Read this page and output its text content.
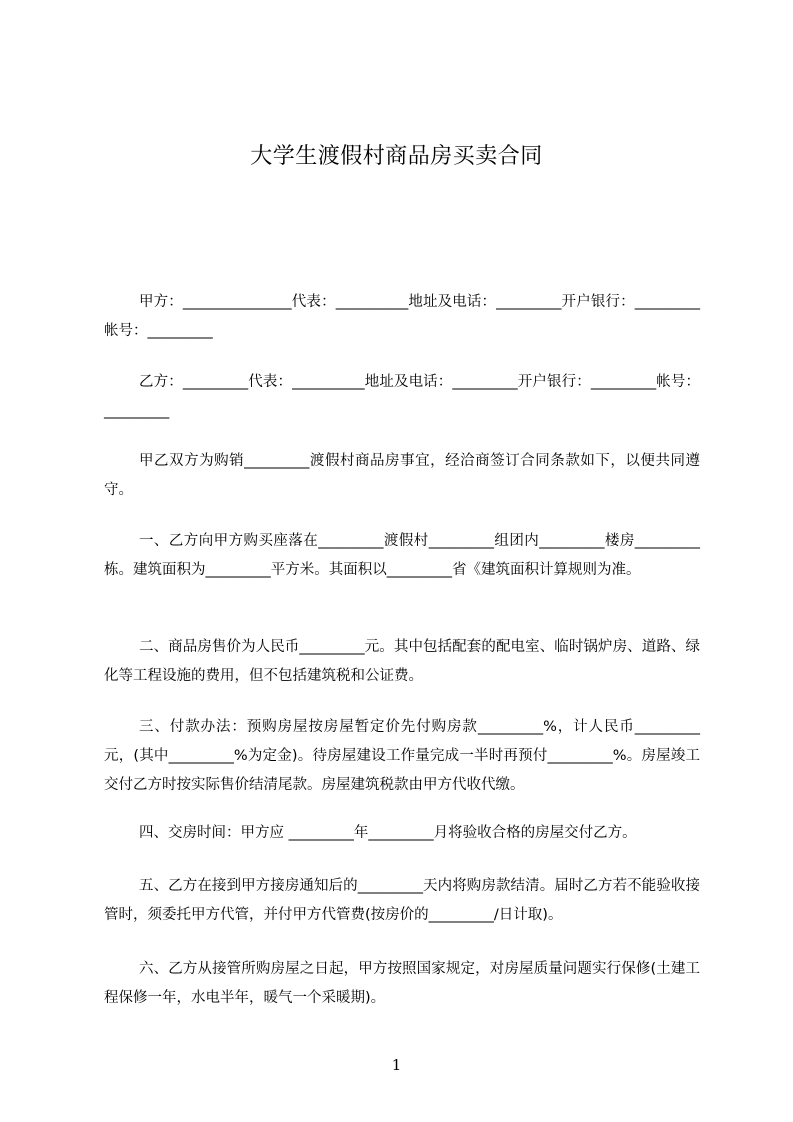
大学生渡假村商品房买卖合同

甲方：_______________代表：__________地址及电话：_________开户银行：_________帐号：_________

乙方：_________代表：__________地址及电话：_________开户银行：_________帐号：_________

甲乙双方为购销_________渡假村商品房事宜，经洽商签订合同条款如下，以便共同遵守。

一、乙方向甲方购买座落在_________渡假村_________组团内_________楼房_________栋。建筑面积为_________平方米。其面积以_________省《建筑面积计算规则为准。

二、商品房售价为人民币_________元。其中包括配套的配电室、临时锅炉房、道路、绿化等工程设施的费用，但不包括建筑税和公证费。

三、付款办法：预购房屋按房屋暂定价先付购房款_________%，计人民币_________元，(其中_________%为定金)。待房屋建设工作量完成一半时再预付_________%。房屋竣工交付乙方时按实际售价结清尾款。房屋建筑税款由甲方代收代缴。

四、交房时间：甲方应 _________年_________月将验收合格的房屋交付乙方。

五、乙方在接到甲方接房通知后的_________天内将购房款结清。届时乙方若不能验收接管时，须委托甲方代管，并付甲方代管费(按房价的_________/日计取)。

六、乙方从接管所购房屋之日起，甲方按照国家规定，对房屋质量问题实行保修(土建工程保修一年，水电半年，暖气一个采暖期)。

1
